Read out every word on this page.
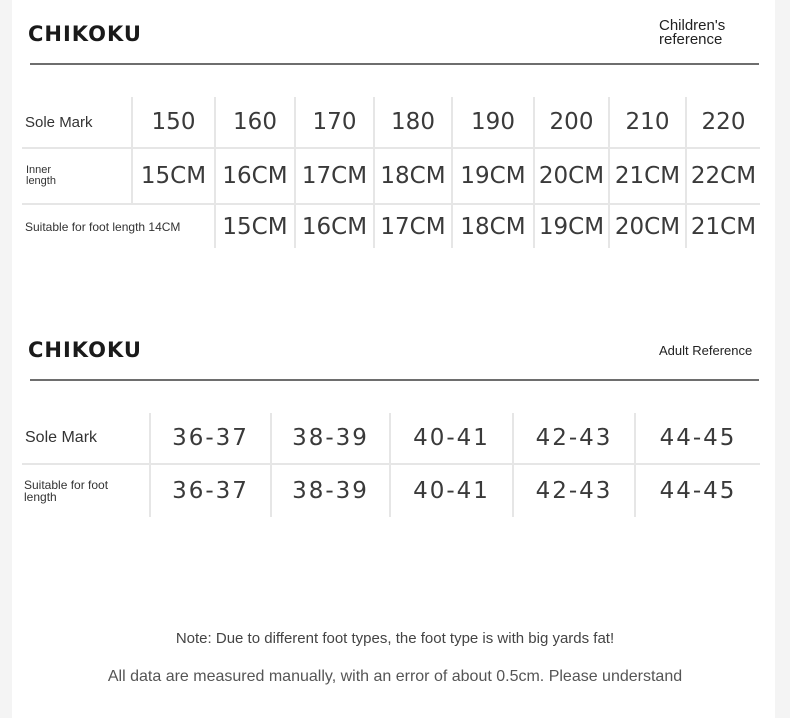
CHIKOKU	Children's reference
Sole Mark	150	160	170	180	190	200	210	220
Inner length	15CM	16CM	17CM	18CM	19CM	20CM	21CM	22CM
Suitable for foot length 14CM		15CM	16CM	17CM	18CM	19CM	20CM	21CM
CHIKOKU	Adult Reference
Sole Mark	36-37	38-39	40-41	42-43	44-45
Suitable for foot length	36-37	38-39	40-41	42-43	44-45
Note: Due to different foot types, the foot type is with big yards fat!
All data are measured manually, with an error of about 0.5cm. Please understand
